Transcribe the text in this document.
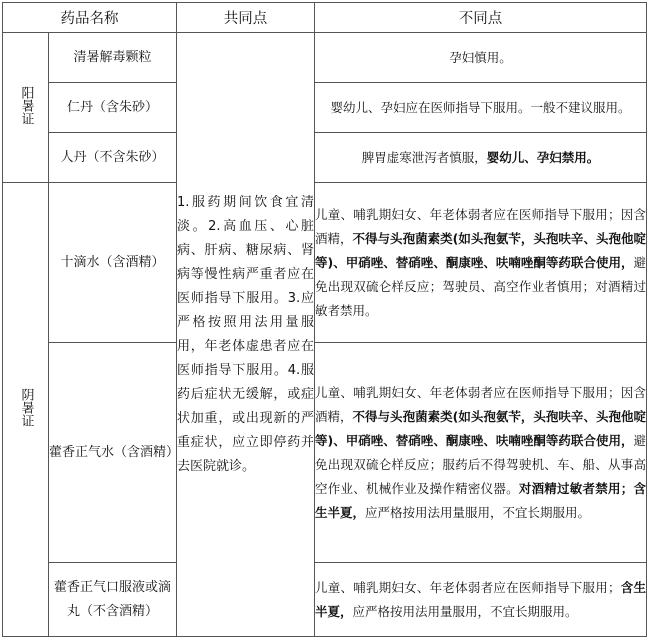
药品名称		共同点	不同点
阳暑证	清暑解毒颗粒	1.服药期间饮食宜清淡。2.高血压、心脏病、肝病、糖尿病、肾病等慢性病严重者应在医师指导下服用。3.应严格按照用法用量服用，年老体虚患者应在医师指导下服用。4.服药后症状无缓解，或症状加重，或出现新的严重症状，应立即停药并去医院就诊。	孕妇慎用。
	仁丹（含朱砂）		婴幼儿、孕妇应在医师指导下服用。一般不建议服用。
	人丹（不含朱砂）		脾胃虚寒泄泻者慎服，婴幼儿、孕妇禁用。
阴暑证	十滴水（含酒精）		儿童、哺乳期妇女、年老体弱者应在医师指导下服用；因含酒精，不得与头孢菌素类(如头孢氨苄，头孢呋辛、头孢他啶等)、甲硝唑、替硝唑、酮康唑、呋喃唑酮等药联合使用，避免出现双硫仑样反应；驾驶员、高空作业者慎用；对酒精过敏者禁用。
	藿香正气水（含酒精）		儿童、哺乳期妇女、年老体弱者应在医师指导下服用；因含酒精，不得与头孢菌素类(如头孢氨苄，头孢呋辛、头孢他啶等)、甲硝唑、替硝唑、酮康唑、呋喃唑酮等药联合使用，避免出现双硫仑样反应；服药后不得驾驶机、车、船、从事高空作业、机械作业及操作精密仪器。对酒精过敏者禁用；含生半夏，应严格按用法用量服用，不宜长期服用。
	藿香正气口服液或滴丸（不含酒精）		儿童、哺乳期妇女、年老体弱者应在医师指导下服用；含生半夏，应严格按用法用量服用，不宜长期服用。
